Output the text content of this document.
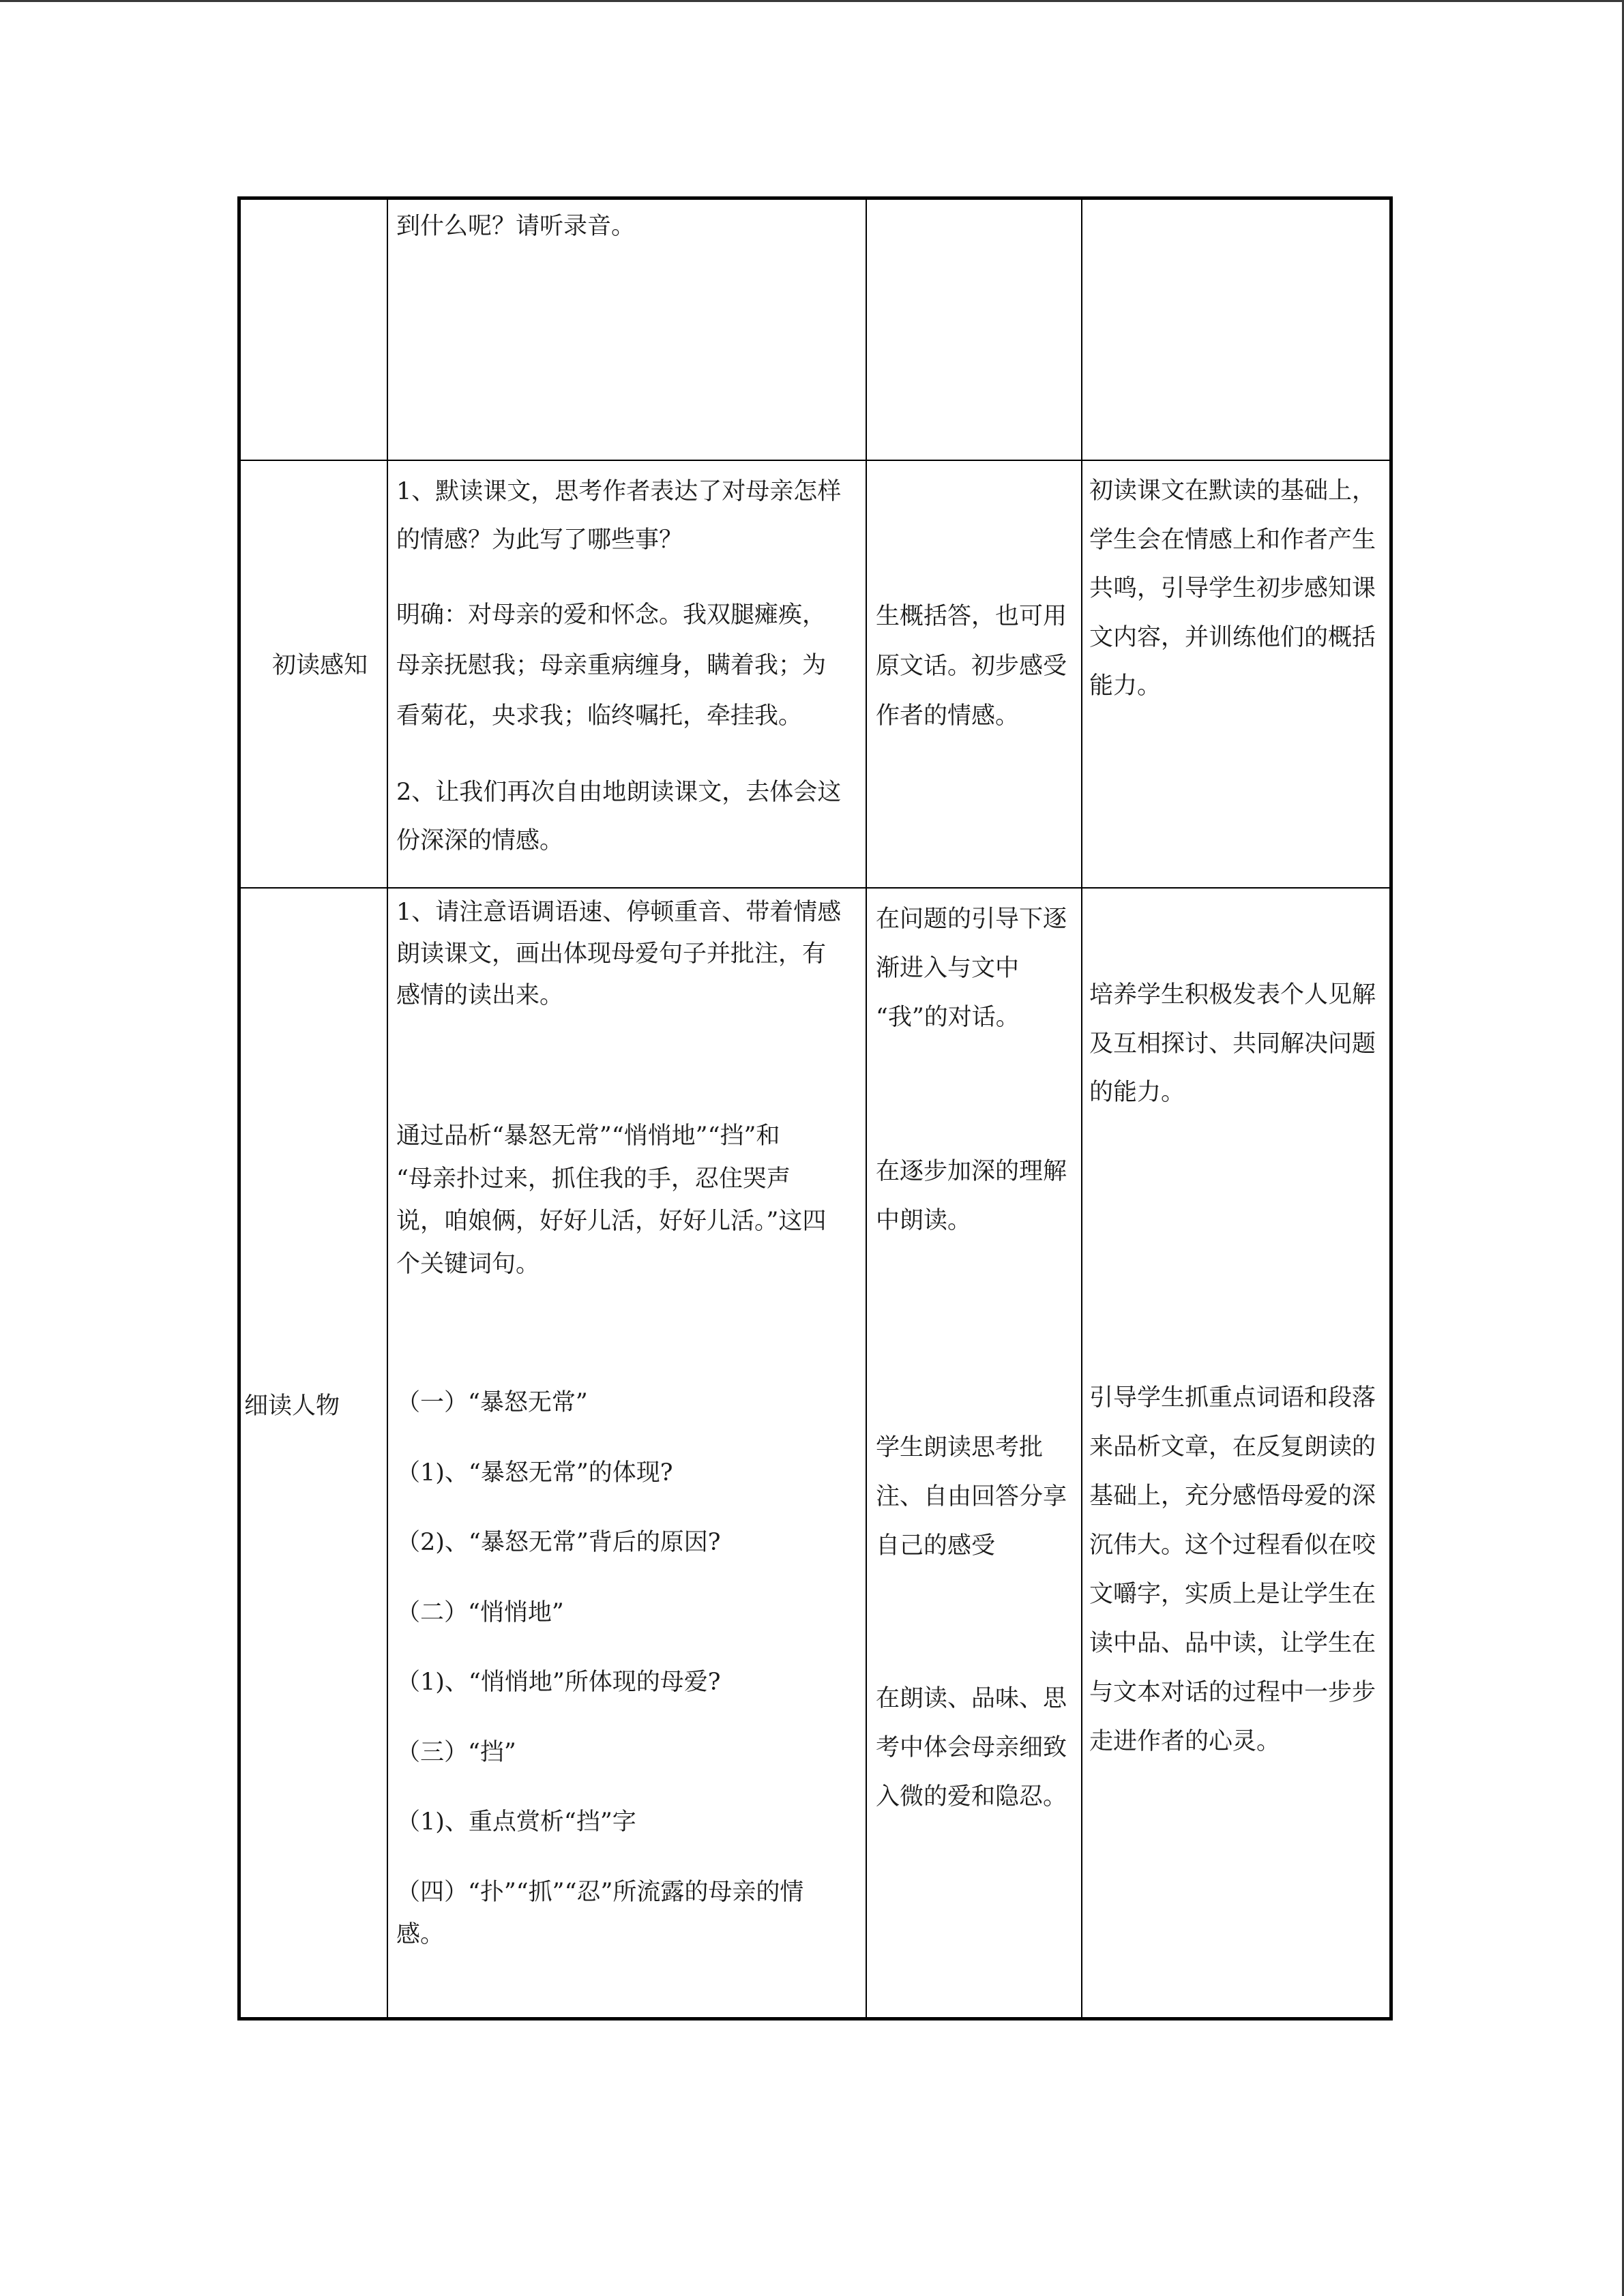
到什么呢？请听录音。
初读感知
1、默读课文，思考作者表达了对母亲怎样
的情感？为此写了哪些事？
明确：对母亲的爱和怀念。我双腿瘫痪，
母亲抚慰我；母亲重病缠身，瞒着我；为
看菊花，央求我；临终嘱托，牵挂我。
2、让我们再次自由地朗读课文，去体会这
份深深的情感。
生概括答，也可用
原文话。初步感受
作者的情感。
初读课文在默读的基础上，
学生会在情感上和作者产生
共鸣，引导学生初步感知课
文内容，并训练他们的概括
能力。
细读人物
1、请注意语调语速、停顿重音、带着情感
朗读课文，画出体现母爱句子并批注，有
感情的读出来。
通过品析“暴怒无常”“悄悄地”“挡”和
“母亲扑过来，抓住我的手，忍住哭声
说，咱娘俩，好好儿活，好好儿活。”这四
个关键词句。
（一）“暴怒无常”
（1)、“暴怒无常”的体现?
（2)、“暴怒无常”背后的原因?
（二）“悄悄地”
（1)、“悄悄地”所体现的母爱?
（三）“挡”
（1)、重点赏析“挡”字
（四）“扑”“抓”“忍”所流露的母亲的情
感。
在问题的引导下逐
渐进入与文中
“我”的对话。
在逐步加深的理解
中朗读。
学生朗读思考批
注、自由回答分享
自己的感受
在朗读、品味、思
考中体会母亲细致
入微的爱和隐忍。
培养学生积极发表个人见解
及互相探讨、共同解决问题
的能力。
引导学生抓重点词语和段落
来品析文章，在反复朗读的
基础上，充分感悟母爱的深
沉伟大。这个过程看似在咬
文嚼字，实质上是让学生在
读中品、品中读，让学生在
与文本对话的过程中一步步
走进作者的心灵。
